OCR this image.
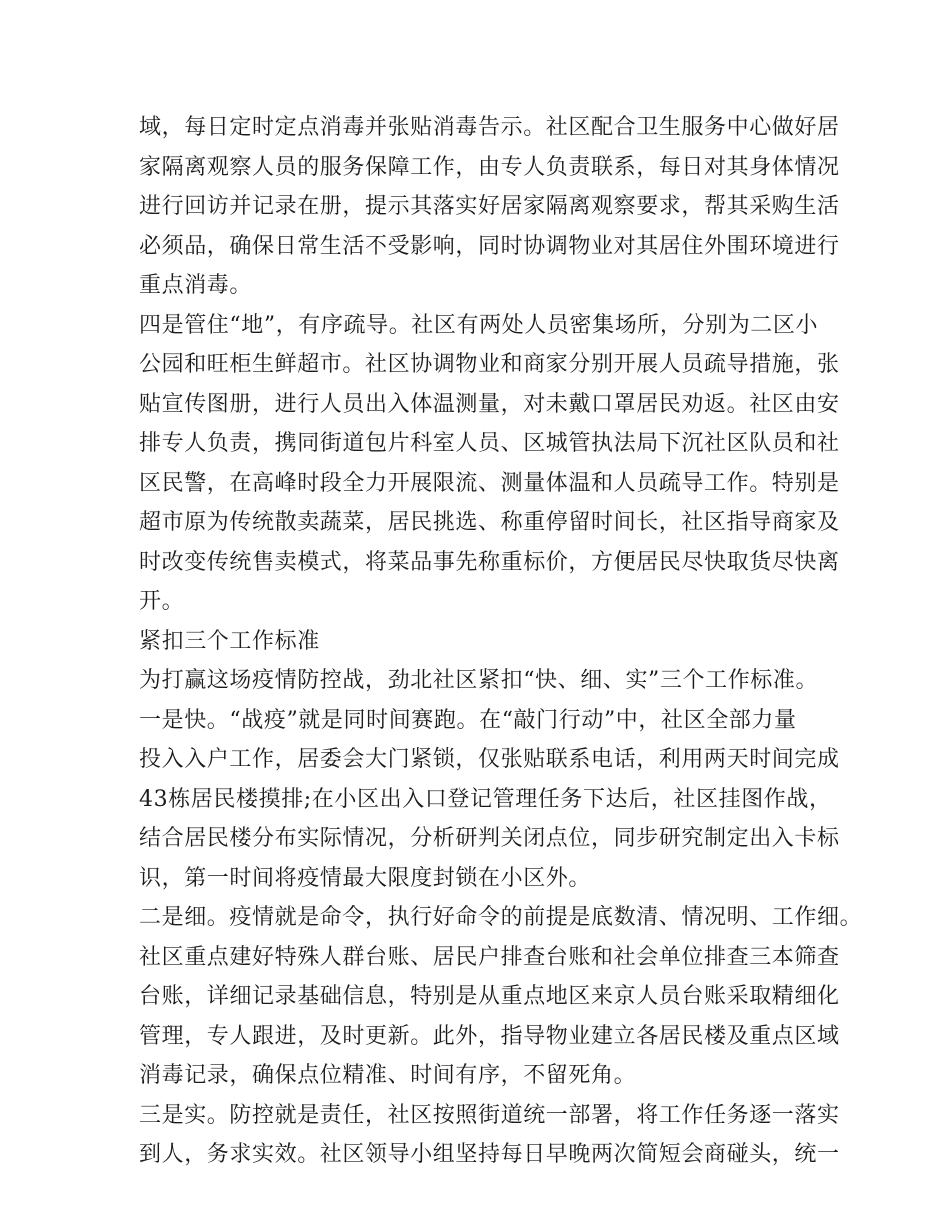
域，每日定时定点消毒并张贴消毒告示。社区配合卫生服务中心做好居
家隔离观察人员的服务保障工作，由专人负责联系，每日对其身体情况
进行回访并记录在册，提示其落实好居家隔离观察要求，帮其采购生活
必须品，确保日常生活不受影响，同时协调物业对其居住外围环境进行
重点消毒。
四是管住“地”，有序疏导。社区有两处人员密集场所，分别为二区小
公园和旺柜生鲜超市。社区协调物业和商家分别开展人员疏导措施，张
贴宣传图册，进行人员出入体温测量，对未戴口罩居民劝返。社区由安
排专人负责，携同街道包片科室人员、区城管执法局下沉社区队员和社
区民警，在高峰时段全力开展限流、测量体温和人员疏导工作。特别是
超市原为传统散卖蔬菜，居民挑选、称重停留时间长，社区指导商家及
时改变传统售卖模式，将菜品事先称重标价，方便居民尽快取货尽快离
开。
紧扣三个工作标准
为打赢这场疫情防控战，劲北社区紧扣“快、细、实”三个工作标准。
一是快。“战疫”就是同时间赛跑。在“敲门行动”中，社区全部力量
投入入户工作，居委会大门紧锁，仅张贴联系电话，利用两天时间完成
43栋居民楼摸排;在小区出入口登记管理任务下达后，社区挂图作战，
结合居民楼分布实际情况，分析研判关闭点位，同步研究制定出入卡标
识，第一时间将疫情最大限度封锁在小区外。
二是细。疫情就是命令，执行好命令的前提是底数清、情况明、工作细。
社区重点建好特殊人群台账、居民户排查台账和社会单位排查三本筛查
台账，详细记录基础信息，特别是从重点地区来京人员台账采取精细化
管理，专人跟进，及时更新。此外，指导物业建立各居民楼及重点区域
消毒记录，确保点位精准、时间有序，不留死角。
三是实。防控就是责任，社区按照街道统一部署，将工作任务逐一落实
到人，务求实效。社区领导小组坚持每日早晚两次简短会商碰头，统一
